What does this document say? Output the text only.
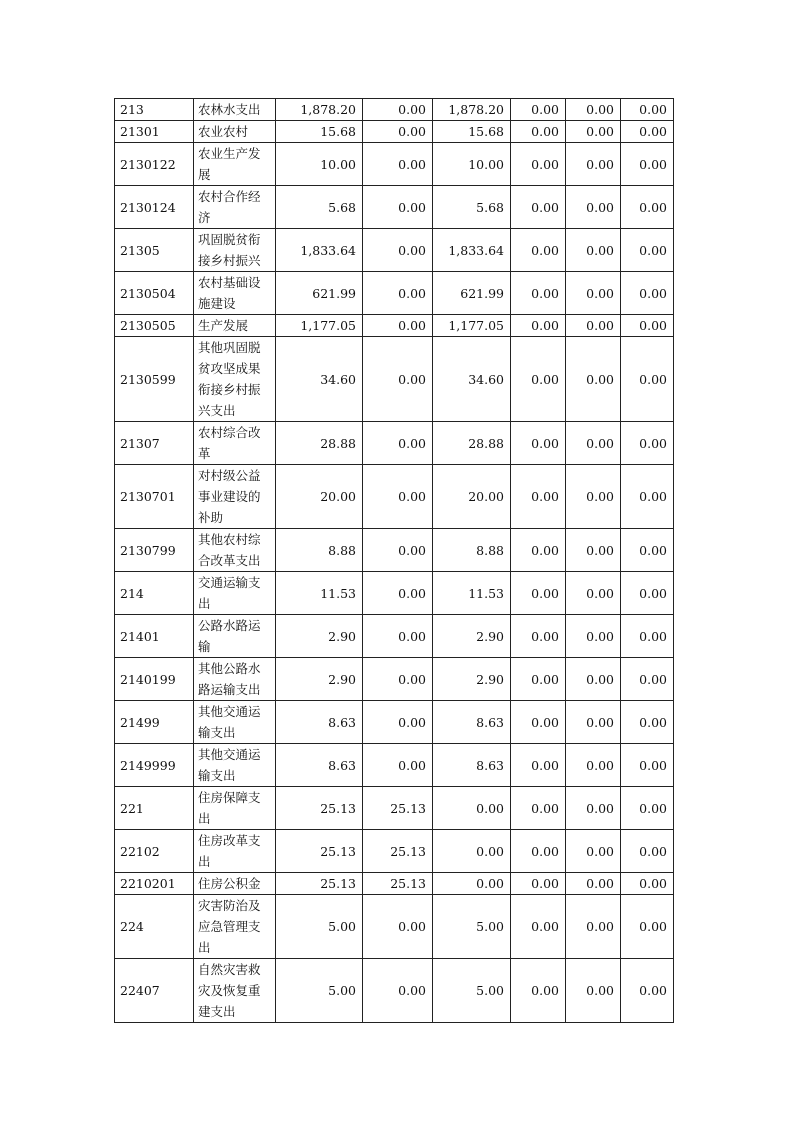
213	农林水支出	1,878.20	0.00	1,878.20	0.00	0.00	0.00
21301	农业农村	15.68	0.00	15.68	0.00	0.00	0.00
2130122	农业生产发展	10.00	0.00	10.00	0.00	0.00	0.00
2130124	农村合作经济	5.68	0.00	5.68	0.00	0.00	0.00
21305	巩固脱贫衔接乡村振兴	1,833.64	0.00	1,833.64	0.00	0.00	0.00
2130504	农村基础设施建设	621.99	0.00	621.99	0.00	0.00	0.00
2130505	生产发展	1,177.05	0.00	1,177.05	0.00	0.00	0.00
2130599	其他巩固脱贫攻坚成果衔接乡村振兴支出	34.60	0.00	34.60	0.00	0.00	0.00
21307	农村综合改革	28.88	0.00	28.88	0.00	0.00	0.00
2130701	对村级公益事业建设的补助	20.00	0.00	20.00	0.00	0.00	0.00
2130799	其他农村综合改革支出	8.88	0.00	8.88	0.00	0.00	0.00
214	交通运输支出	11.53	0.00	11.53	0.00	0.00	0.00
21401	公路水路运输	2.90	0.00	2.90	0.00	0.00	0.00
2140199	其他公路水路运输支出	2.90	0.00	2.90	0.00	0.00	0.00
21499	其他交通运输支出	8.63	0.00	8.63	0.00	0.00	0.00
2149999	其他交通运输支出	8.63	0.00	8.63	0.00	0.00	0.00
221	住房保障支出	25.13	25.13	0.00	0.00	0.00	0.00
22102	住房改革支出	25.13	25.13	0.00	0.00	0.00	0.00
2210201	住房公积金	25.13	25.13	0.00	0.00	0.00	0.00
224	灾害防治及应急管理支出	5.00	0.00	5.00	0.00	0.00	0.00
22407	自然灾害救灾及恢复重建支出	5.00	0.00	5.00	0.00	0.00	0.00
